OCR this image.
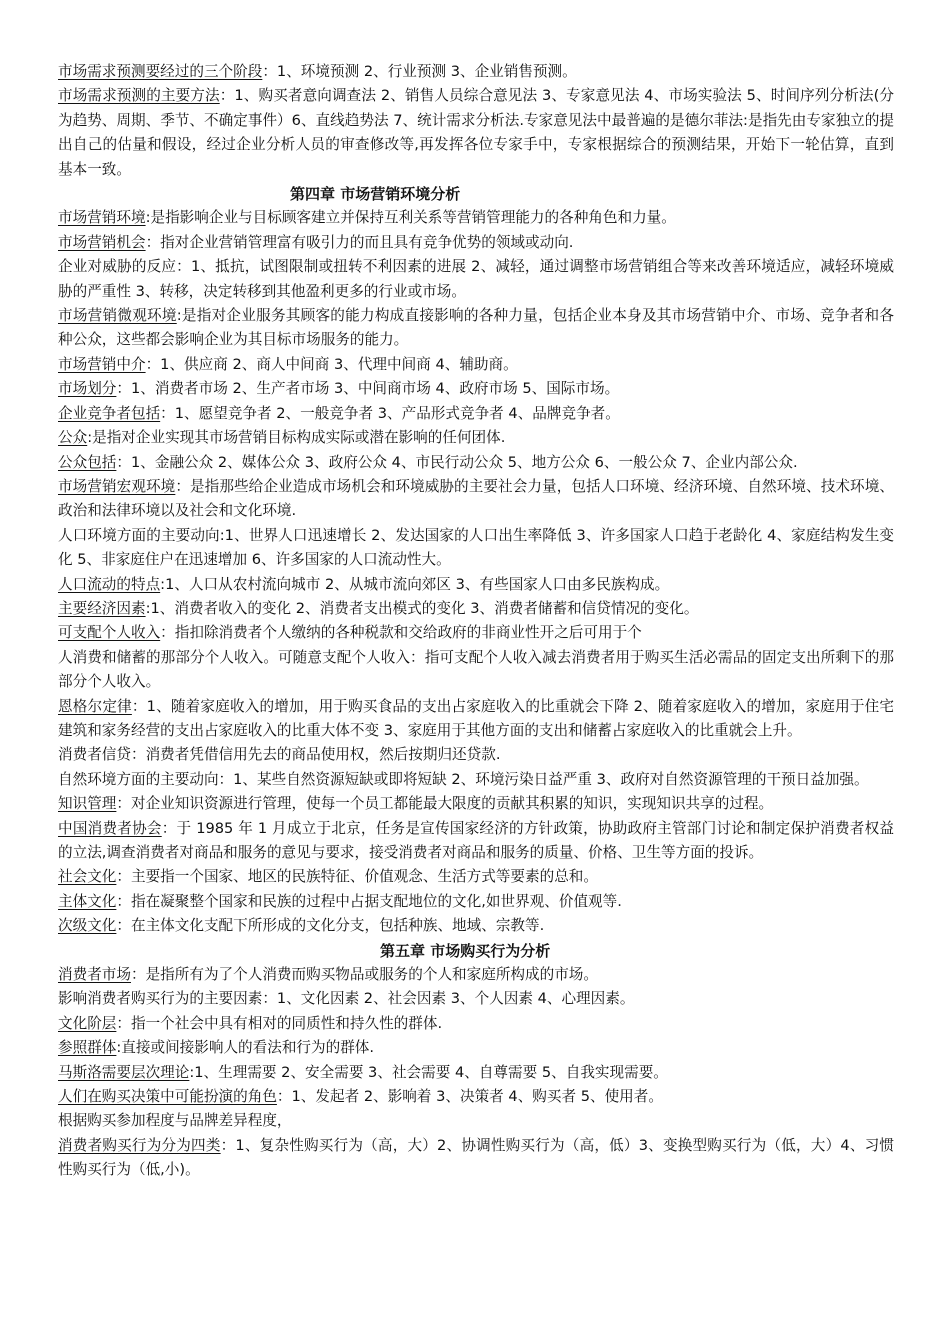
市场需求预测要经过的三个阶段：1、环境预测 2、行业预测 3、企业销售预测。

市场需求预测的主要方法：1、购买者意向调查法 2、销售人员综合意见法 3、专家意见法 4、市场实验法 5、时间序列分析法(分为趋势、周期、季节、不确定事件）6、直线趋势法 7、统计需求分析法.专家意见法中最普遍的是德尔菲法:是指先由专家独立的提出自己的估量和假设，经过企业分析人员的审查修改等,再发挥各位专家手中，专家根据综合的预测结果，开始下一轮估算，直到基本一致。

第四章 市场营销环境分析

市场营销环境:是指影响企业与目标顾客建立并保持互利关系等营销管理能力的各种角色和力量。

市场营销机会：指对企业营销管理富有吸引力的而且具有竞争优势的领域或动向.

企业对威胁的反应：1、抵抗，试图限制或扭转不利因素的进展 2、减轻，通过调整市场营销组合等来改善环境适应，减轻环境威胁的严重性 3、转移，决定转移到其他盈利更多的行业或市场。

市场营销微观环境:是指对企业服务其顾客的能力构成直接影响的各种力量，包括企业本身及其市场营销中介、市场、竞争者和各种公众，这些都会影响企业为其目标市场服务的能力。

市场营销中介：1、供应商 2、商人中间商 3、代理中间商 4、辅助商。

市场划分：1、消费者市场 2、生产者市场 3、中间商市场 4、政府市场 5、国际市场。

企业竞争者包括：1、愿望竞争者 2、一般竞争者 3、产品形式竞争者 4、品牌竞争者。

公众:是指对企业实现其市场营销目标构成实际或潜在影响的任何团体.

公众包括：1、金融公众 2、媒体公众 3、政府公众 4、市民行动公众 5、地方公众 6、一般公众 7、企业内部公众.

市场营销宏观环境：是指那些给企业造成市场机会和环境威胁的主要社会力量，包括人口环境、经济环境、自然环境、技术环境、政治和法律环境以及社会和文化环境.

人口环境方面的主要动向:1、世界人口迅速增长 2、发达国家的人口出生率降低 3、许多国家人口趋于老龄化 4、家庭结构发生变化 5、非家庭住户在迅速增加 6、许多国家的人口流动性大。

人口流动的特点:1、人口从农村流向城市 2、从城市流向郊区 3、有些国家人口由多民族构成。

主要经济因素:1、消费者收入的变化 2、消费者支出模式的变化 3、消费者储蓄和信贷情况的变化。

可支配个人收入：指扣除消费者个人缴纳的各种税款和交给政府的非商业性开之后可用于个

人消费和储蓄的那部分个人收入。可随意支配个人收入：指可支配个人收入减去消费者用于购买生活必需品的固定支出所剩下的那部分个人收入。

恩格尔定律：1、随着家庭收入的增加，用于购买食品的支出占家庭收入的比重就会下降 2、随着家庭收入的增加，家庭用于住宅建筑和家务经营的支出占家庭收入的比重大体不变 3、家庭用于其他方面的支出和储蓄占家庭收入的比重就会上升。

消费者信贷：消费者凭借信用先去的商品使用权，然后按期归还贷款.

自然环境方面的主要动向：1、某些自然资源短缺或即将短缺 2、环境污染日益严重 3、政府对自然资源管理的干预日益加强。

知识管理：对企业知识资源进行管理，使每一个员工都能最大限度的贡献其积累的知识，实现知识共享的过程。

中国消费者协会：于 1985 年 1 月成立于北京，任务是宣传国家经济的方针政策，协助政府主管部门讨论和制定保护消费者权益的立法,调查消费者对商品和服务的意见与要求，接受消费者对商品和服务的质量、价格、卫生等方面的投诉。

社会文化：主要指一个国家、地区的民族特征、价值观念、生活方式等要素的总和。

主体文化：指在凝聚整个国家和民族的过程中占据支配地位的文化,如世界观、价值观等.

次级文化：在主体文化支配下所形成的文化分支，包括种族、地域、宗教等.

第五章 市场购买行为分析

消费者市场：是指所有为了个人消费而购买物品或服务的个人和家庭所构成的市场。

影响消费者购买行为的主要因素：1、文化因素 2、社会因素 3、个人因素 4、心理因素。

文化阶层：指一个社会中具有相对的同质性和持久性的群体.

参照群体:直接或间接影响人的看法和行为的群体.

马斯洛需要层次理论:1、生理需要 2、安全需要 3、社会需要 4、自尊需要 5、自我实现需要。

人们在购买决策中可能扮演的角色：1、发起者 2、影响着 3、决策者 4、购买者 5、使用者。

根据购买参加程度与品牌差异程度，

消费者购买行为分为四类：1、复杂性购买行为（高，大）2、协调性购买行为（高，低）3、变换型购买行为（低，大）4、习惯性购买行为（低,小)。
